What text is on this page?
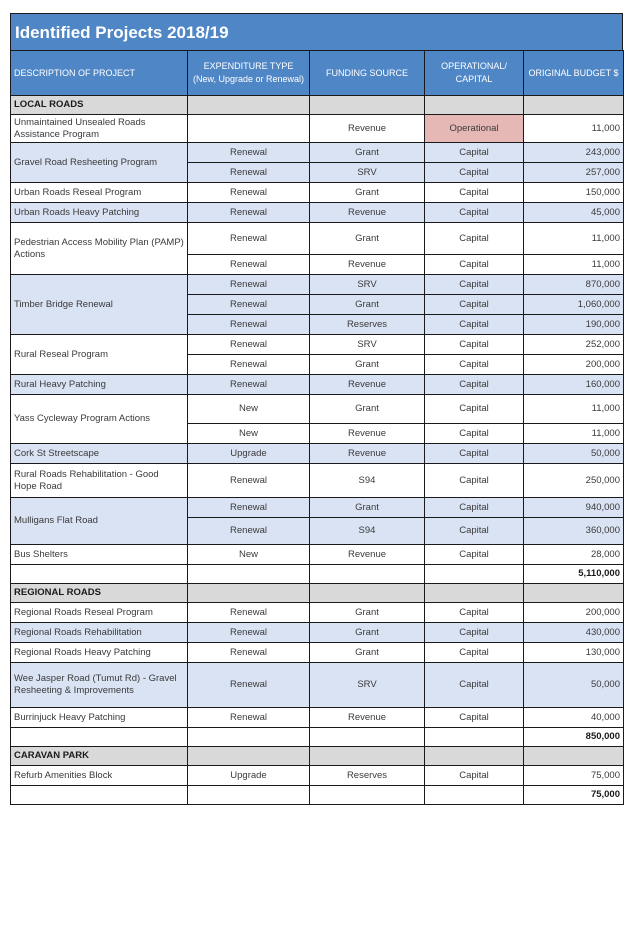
Identified Projects 2018/19
DESCRIPTION OF PROJECT	EXPENDITURE TYPE (New, Upgrade or Renewal)	FUNDING SOURCE	OPERATIONAL/ CAPITAL	ORIGINAL BUDGET $
LOCAL ROADS				
Unmaintained Unsealed Roads Assistance Program		Revenue	Operational	11,000
Gravel Road Resheeting Program	Renewal	Grant	Capital	243,000
	Renewal	SRV	Capital	257,000
Urban Roads Reseal Program	Renewal	Grant	Capital	150,000
Urban Roads Heavy Patching	Renewal	Revenue	Capital	45,000
Pedestrian Access Mobility Plan (PAMP) Actions	Renewal	Grant	Capital	11,000
	Renewal	Revenue	Capital	11,000
Timber Bridge Renewal	Renewal	SRV	Capital	870,000
	Renewal	Grant	Capital	1,060,000
	Renewal	Reserves	Capital	190,000
Rural Reseal Program	Renewal	SRV	Capital	252,000
	Renewal	Grant	Capital	200,000
Rural Heavy Patching	Renewal	Revenue	Capital	160,000
Yass Cycleway Program Actions	New	Grant	Capital	11,000
	New	Revenue	Capital	11,000
Cork St Streetscape	Upgrade	Revenue	Capital	50,000
Rural Roads Rehabilitation - Good Hope Road	Renewal	S94	Capital	250,000
Mulligans Flat Road	Renewal	Grant	Capital	940,000
	Renewal	S94	Capital	360,000
Bus Shelters	New	Revenue	Capital	28,000
				5,110,000
REGIONAL ROADS				
Regional Roads Reseal Program	Renewal	Grant	Capital	200,000
Regional Roads Rehabilitation	Renewal	Grant	Capital	430,000
Regional Roads Heavy Patching	Renewal	Grant	Capital	130,000
Wee Jasper Road (Tumut Rd) - Gravel Resheeting & Improvements	Renewal	SRV	Capital	50,000
Burrinjuck Heavy Patching	Renewal	Revenue	Capital	40,000
				850,000
CARAVAN PARK				
Refurb Amenities Block	Upgrade	Reserves	Capital	75,000
				75,000
